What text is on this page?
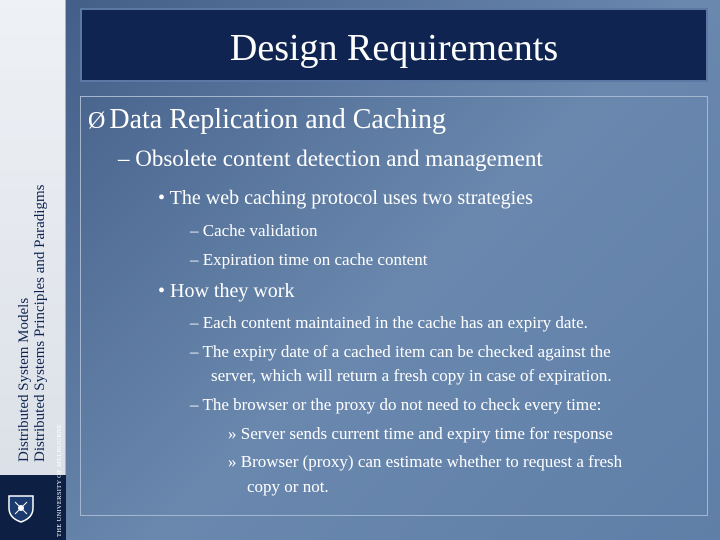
Distributed System Models Distributed Systems Principles and Paradigms
THE UNIVERSITY OF MELBOURNE
Design Requirements
Ø Data Replication and Caching
– Obsolete content detection and management
• The web caching protocol uses two strategies
– Cache validation
– Expiration time on cache content
• How they work
– Each content maintained in the cache has an expiry date.
– The expiry date of a cached item can be checked against the
server, which will return a fresh copy in case of expiration.
– The browser or the proxy do not need to check every time:
» Server sends current time and expiry time for response
» Browser (proxy) can estimate whether to request a fresh
copy or not.
